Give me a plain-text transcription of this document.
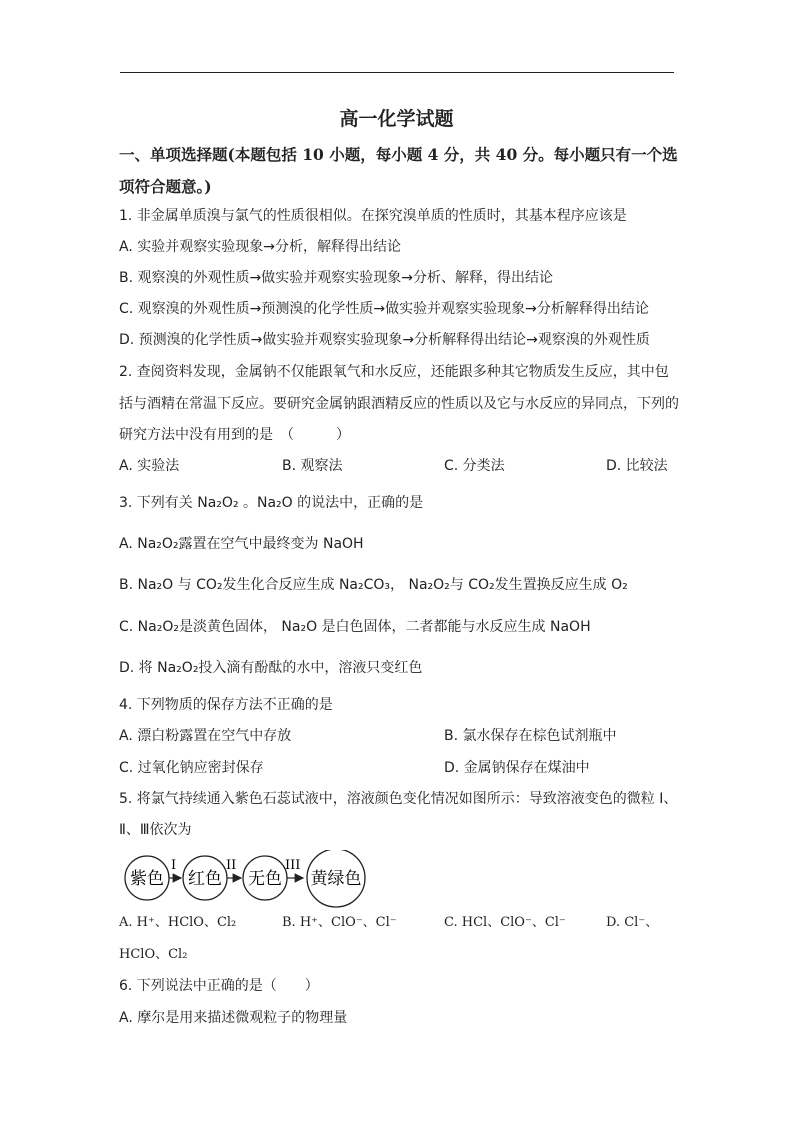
高一化学试题
一、单项选择题(本题包括 10 小题，每小题 4 分，共 40 分。每小题只有一个选
项符合题意。)
1. 非金属单质溴与氯气的性质很相似。在探究溴单质的性质时，其基本程序应该是
A. 实验并观察实验现象→分析，解释得出结论
B. 观察溴的外观性质→做实验并观察实验现象→分析、解释，得出结论
C. 观察溴的外观性质→预测溴的化学性质→做实验并观察实验现象→分析解释得出结论
D. 预测溴的化学性质→做实验并观察实验现象→分析解释得出结论→观察溴的外观性质
2. 查阅资料发现，金属钠不仅能跟氧气和水反应，还能跟多种其它物质发生反应，其中包
括与酒精在常温下反应。要研究金属钠跟酒精反应的性质以及它与水反应的异同点，下列的
研究方法中没有用到的是　（　　　）
A. 实验法	B. 观察法	C. 分类法	D. 比较法
3. 下列有关 Na₂O₂ 。Na₂O 的说法中，正确的是
A. Na₂O₂露置在空气中最终变为 NaOH
B. Na₂O 与 CO₂发生化合反应生成 Na₂CO₃， Na₂O₂与 CO₂发生置换反应生成 O₂
C. Na₂O₂是淡黄色固体， Na₂O 是白色固体，二者都能与水反应生成 NaOH
D. 将 Na₂O₂投入滴有酚酞的水中，溶液只变红色
4. 下列物质的保存方法不正确的是
A. 漂白粉露置在空气中存放	B. 氯水保存在棕色试剂瓶中
C. 过氧化钠应密封保存	D. 金属钠保存在煤油中
5. 将氯气持续通入紫色石蕊试液中，溶液颜色变化情况如图所示：导致溶液变色的微粒 I、
Ⅱ、Ⅲ依次为
紫色
I
红色
II
无色
III
黄绿色
A. H⁺、HClO、Cl₂	B. H⁺、ClO⁻、Cl⁻	C. HCl、ClO⁻、Cl⁻	D. Cl⁻、
HClO、Cl₂
6. 下列说法中正确的是（　　）
A. 摩尔是用来描述微观粒子的物理量
